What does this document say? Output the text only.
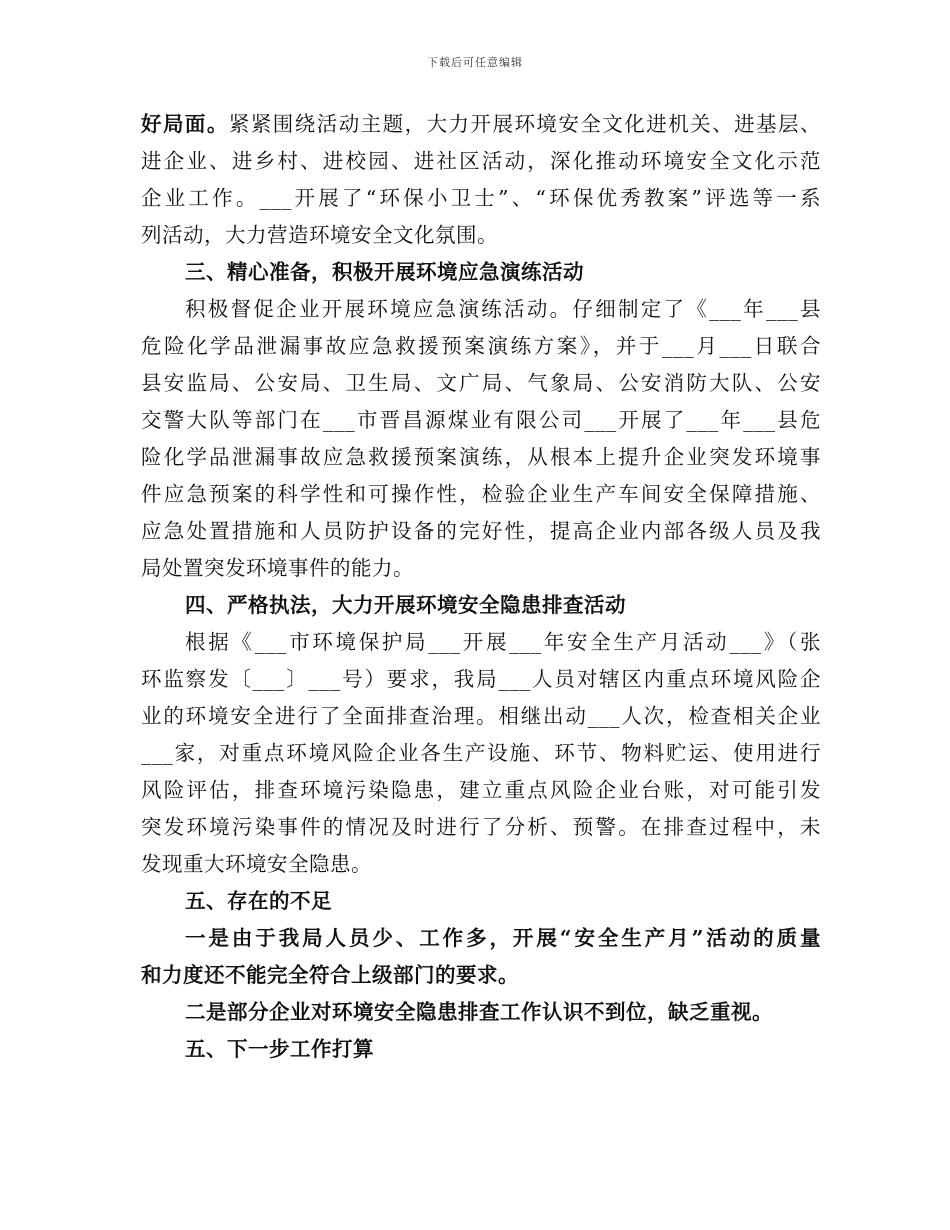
下载后可任意编辑
好局面。紧紧围绕活动主题，大力开展环境安全文化进机关、进基层、
进企业、进乡村、进校园、进社区活动，深化推动环境安全文化示范
企业工作。___开展了“环保小卫士”、“环保优秀教案”评选等一系
列活动，大力营造环境安全文化氛围。
三、精心准备，积极开展环境应急演练活动
积极督促企业开展环境应急演练活动。仔细制定了《___年___县
危险化学品泄漏事故应急救援预案演练方案》，并于___月___日联合
县安监局、公安局、卫生局、文广局、气象局、公安消防大队、公安
交警大队等部门在___市晋昌源煤业有限公司___开展了___年___县危
险化学品泄漏事故应急救援预案演练，从根本上提升企业突发环境事
件应急预案的科学性和可操作性，检验企业生产车间安全保障措施、
应急处置措施和人员防护设备的完好性，提高企业内部各级人员及我
局处置突发环境事件的能力。
四、严格执法，大力开展环境安全隐患排查活动
根据《___市环境保护局___开展___年安全生产月活动___》（张
环监察发〔___〕___号）要求，我局___人员对辖区内重点环境风险企
业的环境安全进行了全面排查治理。相继出动___人次，检查相关企业
___家，对重点环境风险企业各生产设施、环节、物料贮运、使用进行
风险评估，排查环境污染隐患，建立重点风险企业台账，对可能引发
突发环境污染事件的情况及时进行了分析、预警。在排查过程中，未
发现重大环境安全隐患。
五、存在的不足
一是由于我局人员少、工作多，开展“安全生产月”活动的质量
和力度还不能完全符合上级部门的要求。
二是部分企业对环境安全隐患排查工作认识不到位，缺乏重视。
五、下一步工作打算
